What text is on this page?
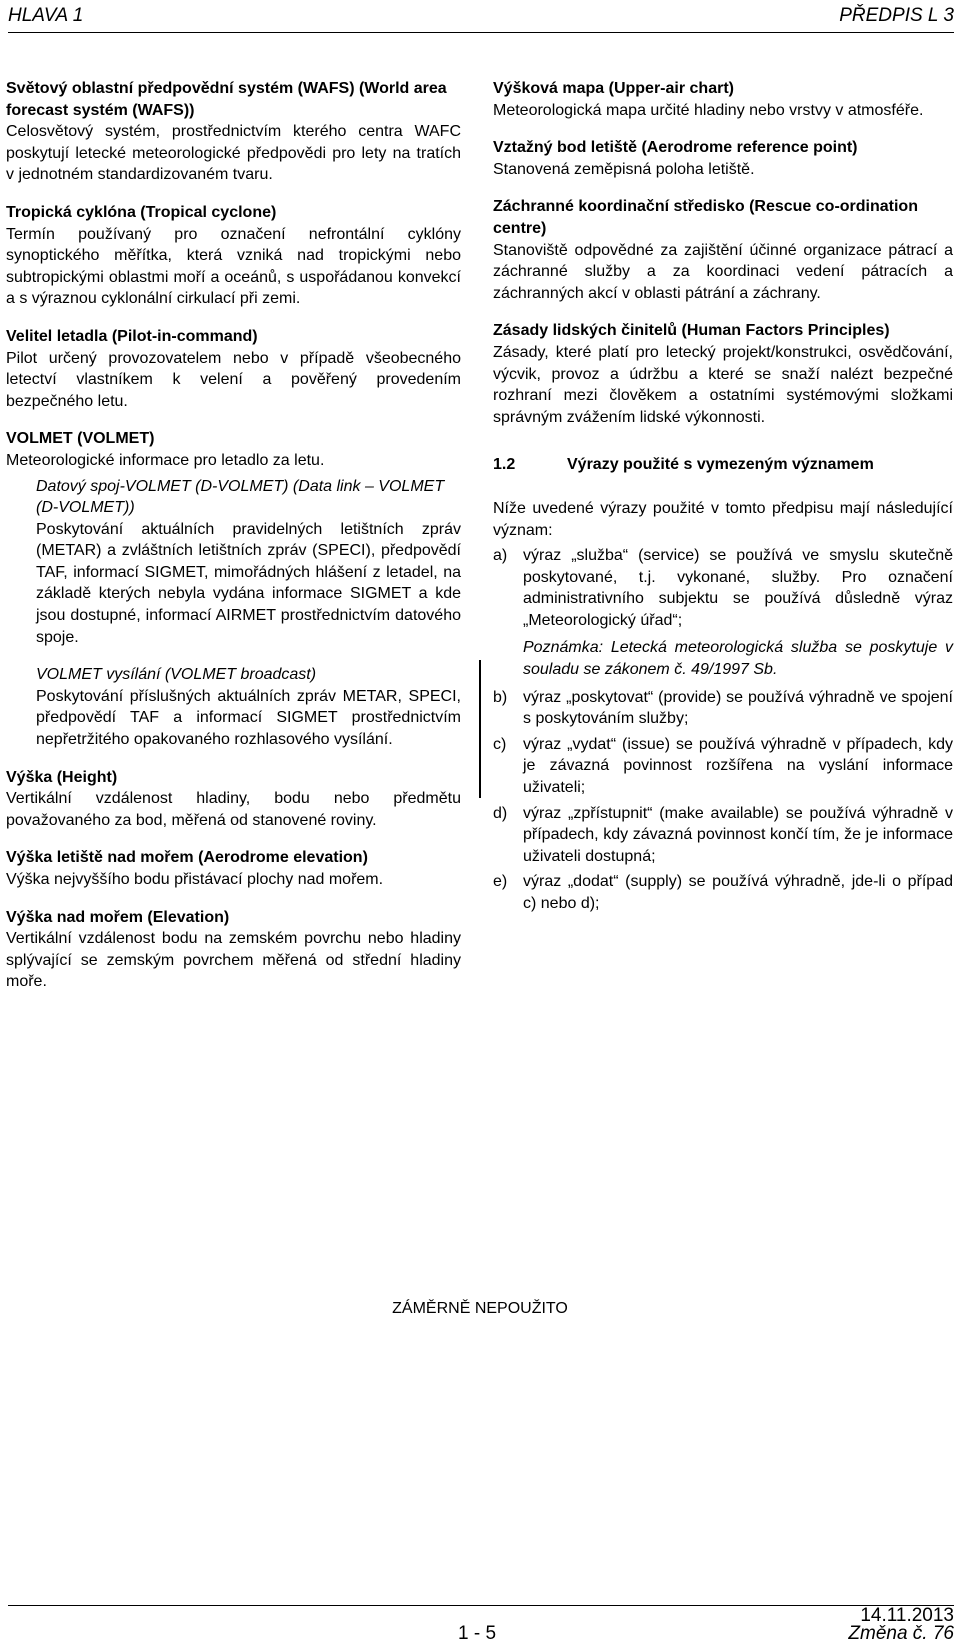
HLAVA 1	PŘEDPIS L 3
Světový oblastní předpovědní systém (WAFS) (World area forecast systém (WAFS))
Celosvětový systém, prostřednictvím kterého centra WAFC poskytují letecké meteorologické předpovědi pro lety na tratích v jednotném standardizovaném tvaru.
Tropická cyklóna (Tropical cyclone)
Termín používaný pro označení nefrontální cyklóny synoptického měřítka, která vzniká nad tropickými nebo subtropickými oblastmi moří a oceánů, s uspořádanou konvekcí a s výraznou cyklonální cirkulací při zemi.
Velitel letadla (Pilot-in-command)
Pilot určený provozovatelem nebo v případě všeobecného letectví vlastníkem k velení a pověřený provedením bezpečného letu.
VOLMET (VOLMET)
Meteorologické informace pro letadlo za letu.
Datový spoj-VOLMET (D-VOLMET) (Data link – VOLMET (D-VOLMET))
Poskytování aktuálních pravidelných letištních zpráv (METAR) a zvláštních letištních zpráv (SPECI), předpovědí TAF, informací SIGMET, mimořádných hlášení z letadel, na základě kterých nebyla vydána informace SIGMET a kde jsou dostupné, informací AIRMET prostřednictvím datového spoje.
VOLMET vysílání (VOLMET broadcast)
Poskytování příslušných aktuálních zpráv METAR, SPECI, předpovědí TAF a informací SIGMET prostřednictvím nepřetržitého opakovaného rozhlasového vysílání.
Výška (Height)
Vertikální vzdálenost hladiny, bodu nebo předmětu považovaného za bod, měřená od stanovené roviny.
Výška letiště nad mořem (Aerodrome elevation)
Výška nejvyššího bodu přistávací plochy nad mořem.
Výška nad mořem (Elevation)
Vertikální vzdálenost bodu na zemském povrchu nebo hladiny splývající se zemským povrchem měřená od střední hladiny moře.
Výšková mapa (Upper-air chart)
Meteorologická mapa určité hladiny nebo vrstvy v atmosféře.
Vztažný bod letiště (Aerodrome reference point)
Stanovená zeměpisná poloha letiště.
Záchranné koordinační středisko (Rescue co-ordination centre)
Stanoviště odpovědné za zajištění účinné organizace pátrací a záchranné služby a za koordinaci vedení pátracích a záchranných akcí v oblasti pátrání a záchrany.
Zásady lidských činitelů (Human Factors Principles)
Zásady, které platí pro letecký projekt/konstrukci, osvědčování, výcvik, provoz a údržbu a které se snaží nalézt bezpečné rozhraní mezi člověkem a ostatními systémovými složkami správným zvážením lidské výkonnosti.
1.2	Výrazy použité s vymezeným významem
Níže uvedené výrazy použité v tomto předpisu mají následující význam:
a) výraz „služba“ (service) se používá ve smyslu skutečně poskytované, t.j. vykonané, služby. Pro označení administrativního subjektu se používá důsledně výraz „Meteorologický úřad“;
Poznámka: Letecká meteorologická služba se poskytuje v souladu se zákonem č. 49/1997 Sb.
b) výraz „poskytovat“ (provide) se používá výhradně ve spojení s poskytováním služby;
c) výraz „vydat“ (issue) se používá výhradně v případech, kdy je závazná povinnost rozšířena na vyslání informace uživateli;
d) výraz „zpřístupnit“ (make available) se používá výhradně v případech, kdy závazná povinnost končí tím, že je informace uživateli dostupná;
e) výraz „dodat“ (supply) se používá výhradně, jde-li o případ c) nebo d);
ZÁMĚRNĚ NEPOUŽITO
14.11.2013
1 - 5	Změna č. 76
